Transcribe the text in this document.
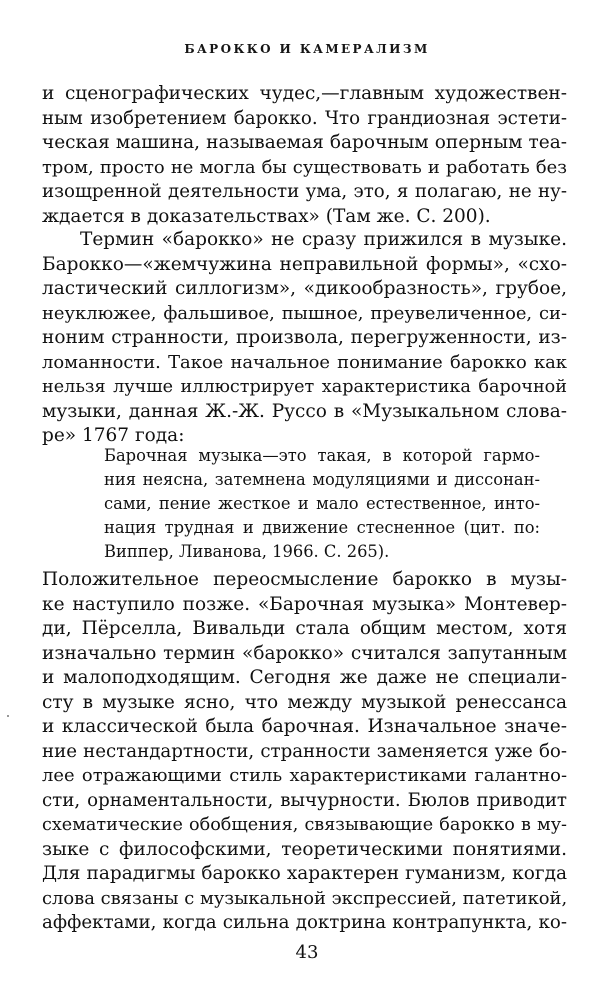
БАРОККО И КАМЕРАЛИЗМ
и сценографических чудес,—главным художествен-
ным изобретением барокко. Что грандиозная эстети-
ческая машина, называемая барочным оперным теа-
тром, просто не могла бы существовать и работать без
изощренной деятельности ума, это, я полагаю, не ну-
ждается в доказательствах» (Там же. С. 200).
Термин «барокко» не сразу прижился в музыке.
Барокко—«жемчужина неправильной формы», «схо-
ластический силлогизм», «дикообразность», грубое,
неуклюжее, фальшивое, пышное, преувеличенное, си-
ноним странности, произвола, перегруженности, из-
ломанности. Такое начальное понимание барокко как
нельзя лучше иллюстрирует характеристика барочной
музыки, данная Ж.-Ж. Руссо в «Музыкальном слова-
ре» 1767 года:
Барочная музыка—это такая, в которой гармо-
ния неясна, затемнена модуляциями и диссонан-
сами, пение жесткое и мало естественное, инто-
нация трудная и движение стесненное (цит. по:
Виппер, Ливанова, 1966. С. 265).
Положительное переосмысление барокко в музы-
ке наступило позже. «Барочная музыка» Монтевер-
ди, Пёрселла, Вивальди стала общим местом, хотя
изначально термин «барокко» считался запутанным
и малоподходящим. Сегодня же даже не специали-
сту в музыке ясно, что между музыкой ренессанса
и классической была барочная. Изначальное значе-
ние нестандартности, странности заменяется уже бо-
лее отражающими стиль характеристиками галантно-
сти, орнаментальности, вычурности. Бюлов приводит
схематические обобщения, связывающие барокко в му-
зыке с философскими, теоретическими понятиями.
Для парадигмы барокко характерен гуманизм, когда
слова связаны с музыкальной экспрессией, патетикой,
аффектами, когда сильна доктрина контрапункта, ко-
43
